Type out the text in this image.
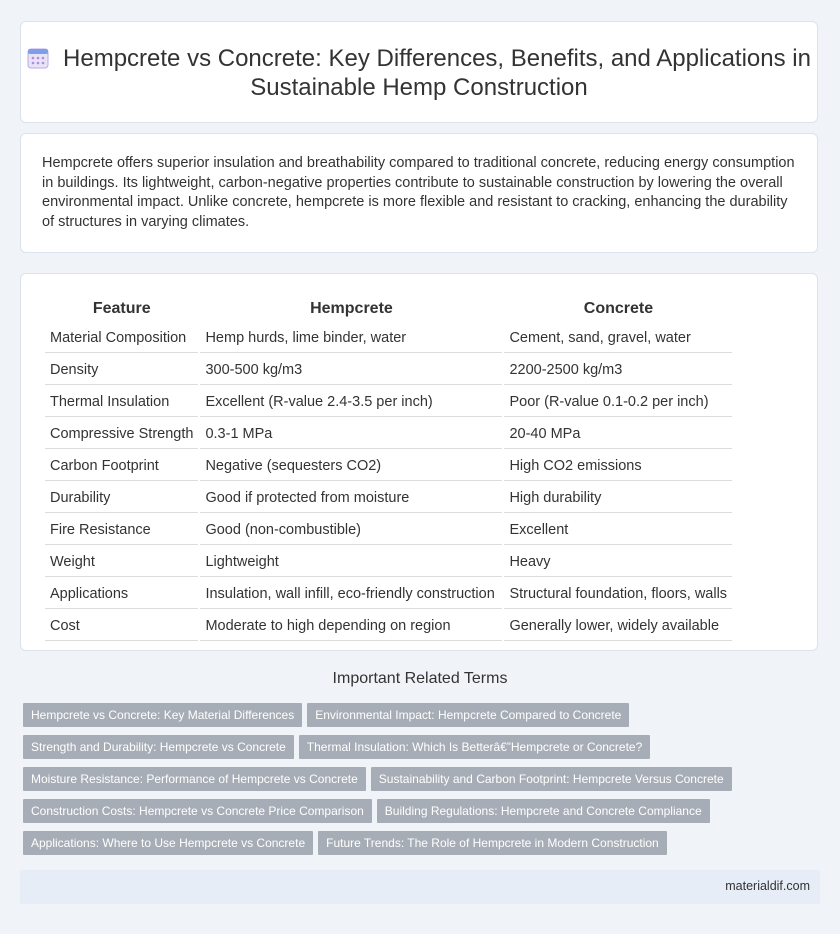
Hempcrete vs Concrete: Key Differences, Benefits, and Applications in Sustainable Hemp Construction

Hempcrete offers superior insulation and breathability compared to traditional concrete, reducing energy consumption in buildings. Its lightweight, carbon-negative properties contribute to sustainable construction by lowering the overall environmental impact. Unlike concrete, hempcrete is more flexible and resistant to cracking, enhancing the durability of structures in varying climates.

Feature	Hempcrete	Concrete
Material Composition	Hemp hurds, lime binder, water	Cement, sand, gravel, water
Density	300-500 kg/m3	2200-2500 kg/m3
Thermal Insulation	Excellent (R-value 2.4-3.5 per inch)	Poor (R-value 0.1-0.2 per inch)
Compressive Strength	0.3-1 MPa	20-40 MPa
Carbon Footprint	Negative (sequesters CO2)	High CO2 emissions
Durability	Good if protected from moisture	High durability
Fire Resistance	Good (non-combustible)	Excellent
Weight	Lightweight	Heavy
Applications	Insulation, wall infill, eco-friendly construction	Structural foundation, floors, walls
Cost	Moderate to high depending on region	Generally lower, widely available
Important Related Terms
Hempcrete vs Concrete: Key Material Differences Environmental Impact: Hempcrete Compared to Concrete
Strength and Durability: Hempcrete vs Concrete Thermal Insulation: Which Is Betterâ€”Hempcrete or Concrete?
Moisture Resistance: Performance of Hempcrete vs Concrete Sustainability and Carbon Footprint: Hempcrete Versus Concrete
Construction Costs: Hempcrete vs Concrete Price Comparison Building Regulations: Hempcrete and Concrete Compliance
Applications: Where to Use Hempcrete vs Concrete Future Trends: The Role of Hempcrete in Modern Construction
materialdif.com
